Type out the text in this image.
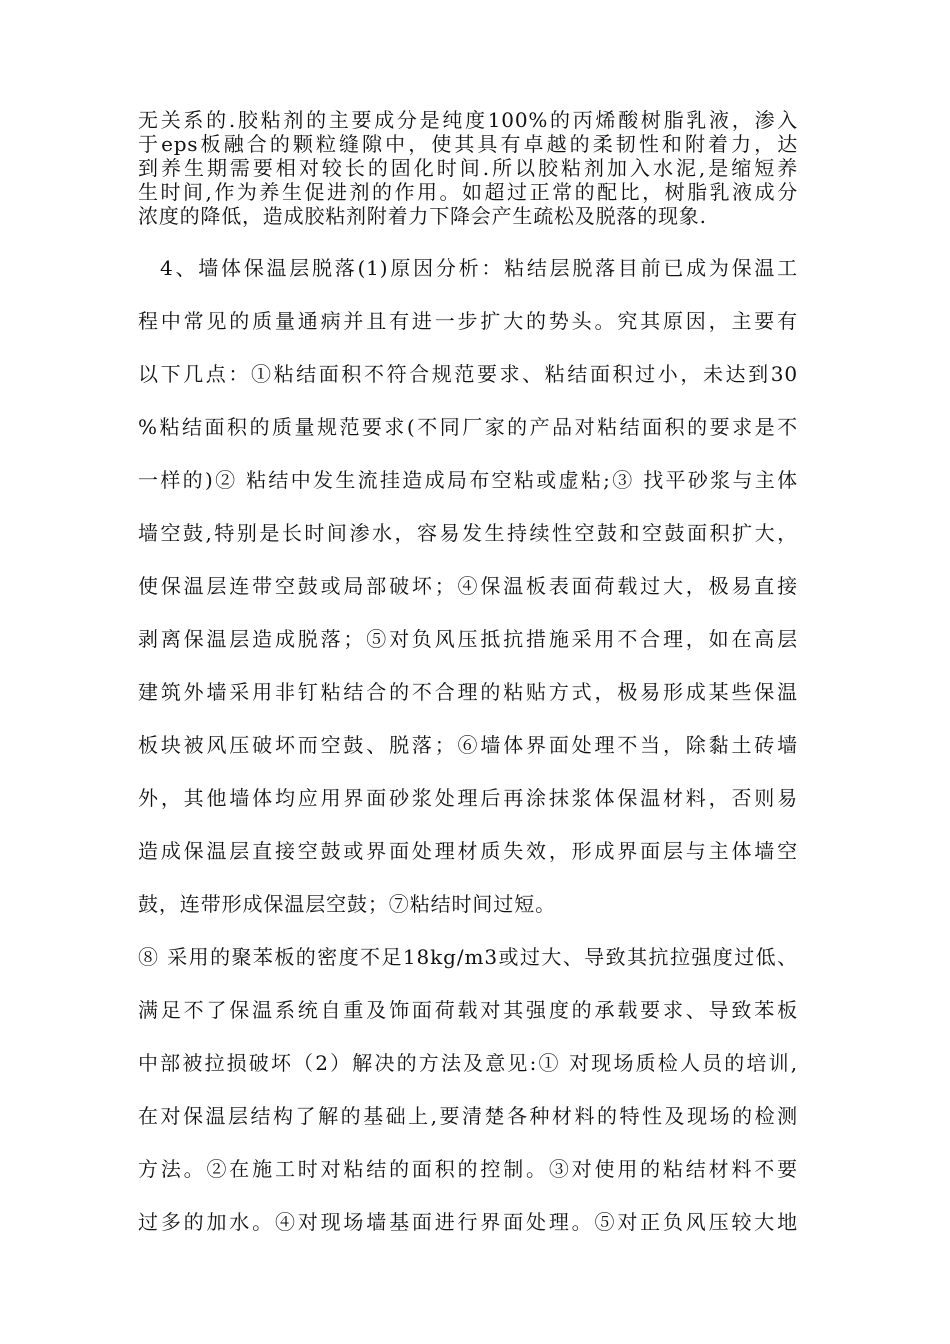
无关系的.胶粘剂的主要成分是纯度100%的丙烯酸树脂乳液，渗入
于eps板融合的颗粒缝隙中，使其具有卓越的柔韧性和附着力，达
到养生期需要相对较长的固化时间.所以胶粘剂加入水泥,是缩短养
生时间,作为养生促进剂的作用。如超过正常的配比，树脂乳液成分
浓度的降低，造成胶粘剂附着力下降会产生疏松及脱落的现象.
4、墙体保温层脱落(1)原因分析：粘结层脱落目前已成为保温工
程中常见的质量通病并且有进一步扩大的势头。究其原因，主要有
以下几点：①粘结面积不符合规范要求、粘结面积过小，未达到30
%粘结面积的质量规范要求(不同厂家的产品对粘结面积的要求是不
一样的)② 粘结中发生流挂造成局布空粘或虚粘;③ 找平砂浆与主体
墙空鼓,特别是长时间渗水，容易发生持续性空鼓和空鼓面积扩大，
使保温层连带空鼓或局部破坏；④保温板表面荷载过大，极易直接
剥离保温层造成脱落；⑤对负风压抵抗措施采用不合理，如在高层
建筑外墙采用非钉粘结合的不合理的粘贴方式，极易形成某些保温
板块被风压破坏而空鼓、脱落；⑥墙体界面处理不当，除黏土砖墙
外，其他墙体均应用界面砂浆处理后再涂抹浆体保温材料，否则易
造成保温层直接空鼓或界面处理材质失效，形成界面层与主体墙空
鼓，连带形成保温层空鼓；⑦粘结时间过短。
⑧ 采用的聚苯板的密度不足18kg/m3或过大、导致其抗拉强度过低、
满足不了保温系统自重及饰面荷载对其强度的承载要求、导致苯板
中部被拉损破坏（2）解决的方法及意见:① 对现场质检人员的培训,
在对保温层结构了解的基础上,要清楚各种材料的特性及现场的检测
方法。②在施工时对粘结的面积的控制。③对使用的粘结材料不要
过多的加水。④对现场墙基面进行界面处理。⑤对正负风压较大地
